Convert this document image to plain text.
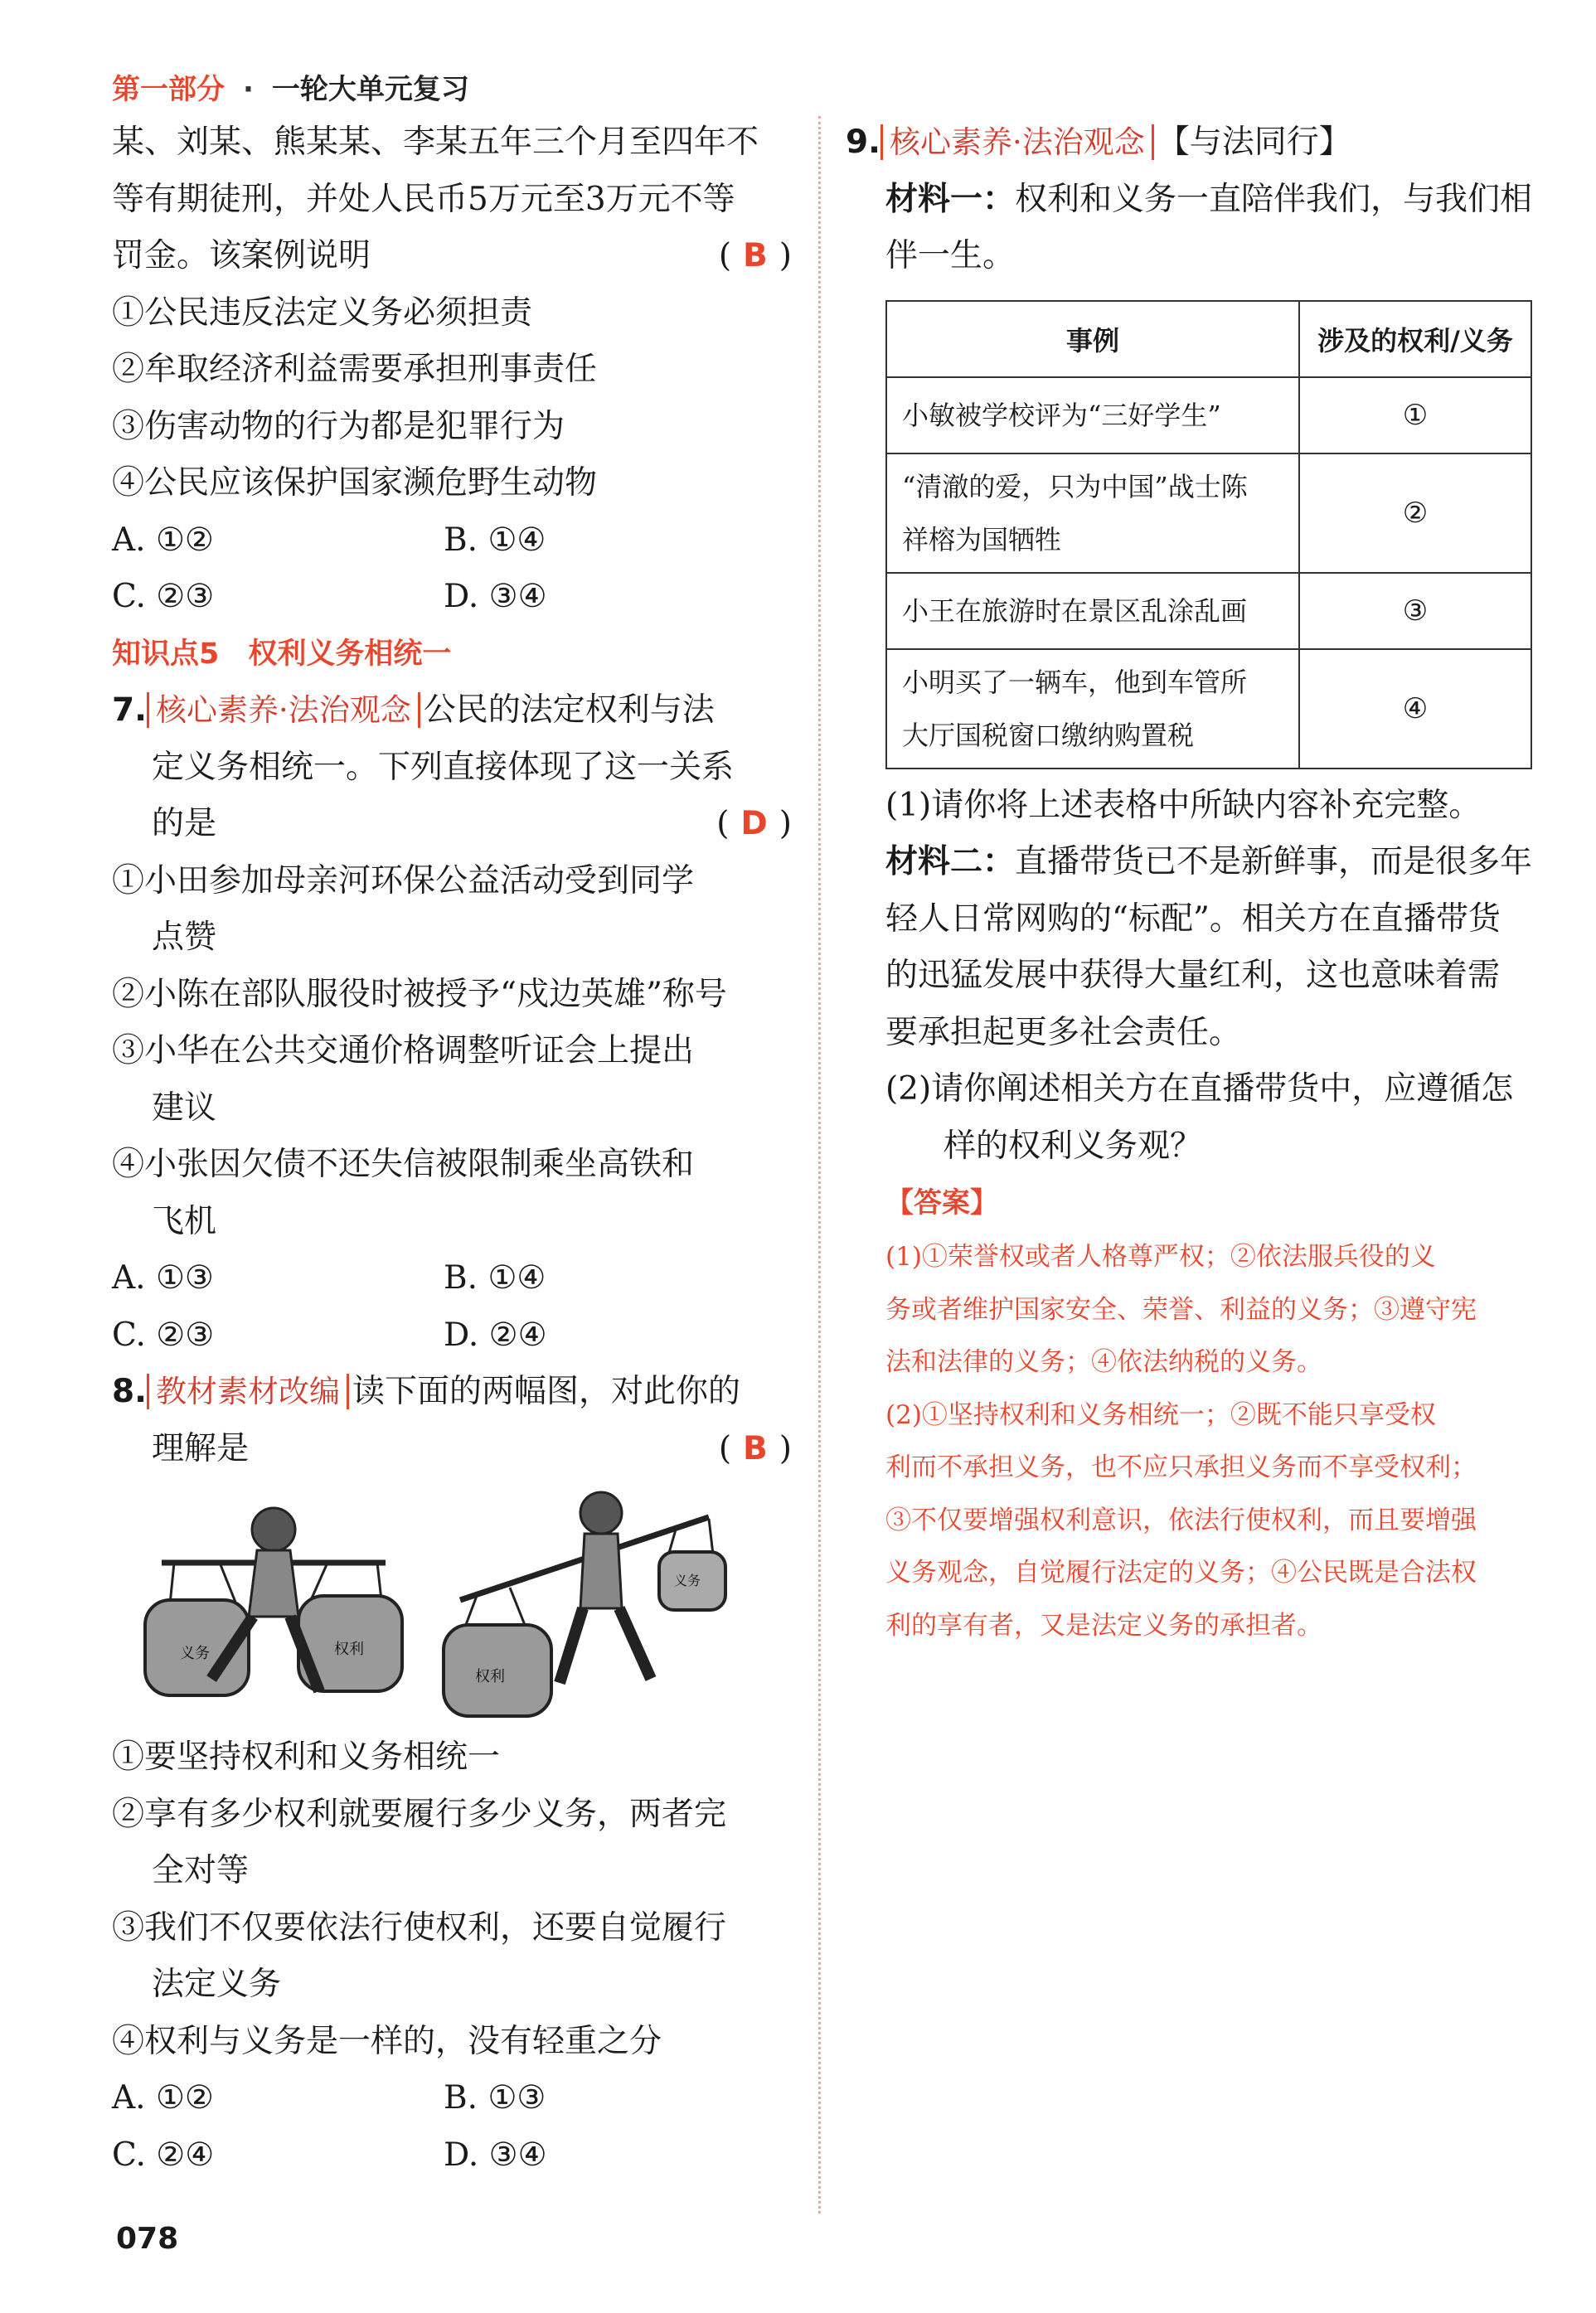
第一部分 · 一轮大单元复习
某、刘某、熊某某、李某五年三个月至四年不
等有期徒刑，并处人民币5万元至3万元不等
罚金。该案例说明	( B )
①公民违反法定义务必须担责
②牟取经济利益需要承担刑事责任
③伤害动物的行为都是犯罪行为
④公民应该保护国家濒危野生动物
A. ①②	B. ①④
C. ②③	D. ③④
知识点5　权利义务相统一
7. 核心素养·法治观念 公民的法定权利与法
定义务相统一。下列直接体现了这一关系
的是	( D )
①小田参加母亲河环保公益活动受到同学
点赞
②小陈在部队服役时被授予“戍边英雄”称号
③小华在公共交通价格调整听证会上提出
建议
④小张因欠债不还失信被限制乘坐高铁和
飞机
A. ①③	B. ①④
C. ②③	D. ②④
8. 教材素材改编 读下面的两幅图，对此你的
理解是	( B )
义务	权利
权利
义务
①要坚持权利和义务相统一
②享有多少权利就要履行多少义务，两者完
全对等
③我们不仅要依法行使权利，还要自觉履行
法定义务
④权利与义务是一样的，没有轻重之分
A. ①②	B. ①③
C. ②④	D. ③④
9. 核心素养·法治观念 【与法同行】
材料一：权利和义务一直陪伴我们，与我们相
伴一生。
事例	涉及的权利/义务
小敏被学校评为“三好学生”	①
“清澈的爱，只为中国”战士陈
祥榕为国牺牲	②
小王在旅游时在景区乱涂乱画	③
小明买了一辆车，他到车管所
大厅国税窗口缴纳购置税	④
(1)请你将上述表格中所缺内容补充完整。
材料二：直播带货已不是新鲜事，而是很多年
轻人日常网购的“标配”。相关方在直播带货
的迅猛发展中获得大量红利，这也意味着需
要承担起更多社会责任。
(2)请你阐述相关方在直播带货中，应遵循怎
样的权利义务观？
【答案】
(1)①荣誉权或者人格尊严权；②依法服兵役的义
务或者维护国家安全、荣誉、利益的义务；③遵守宪
法和法律的义务；④依法纳税的义务。
(2)①坚持权利和义务相统一；②既不能只享受权
利而不承担义务，也不应只承担义务而不享受权利；
③不仅要增强权利意识，依法行使权利，而且要增强
义务观念，自觉履行法定的义务；④公民既是合法权
利的享有者，又是法定义务的承担者。
078
